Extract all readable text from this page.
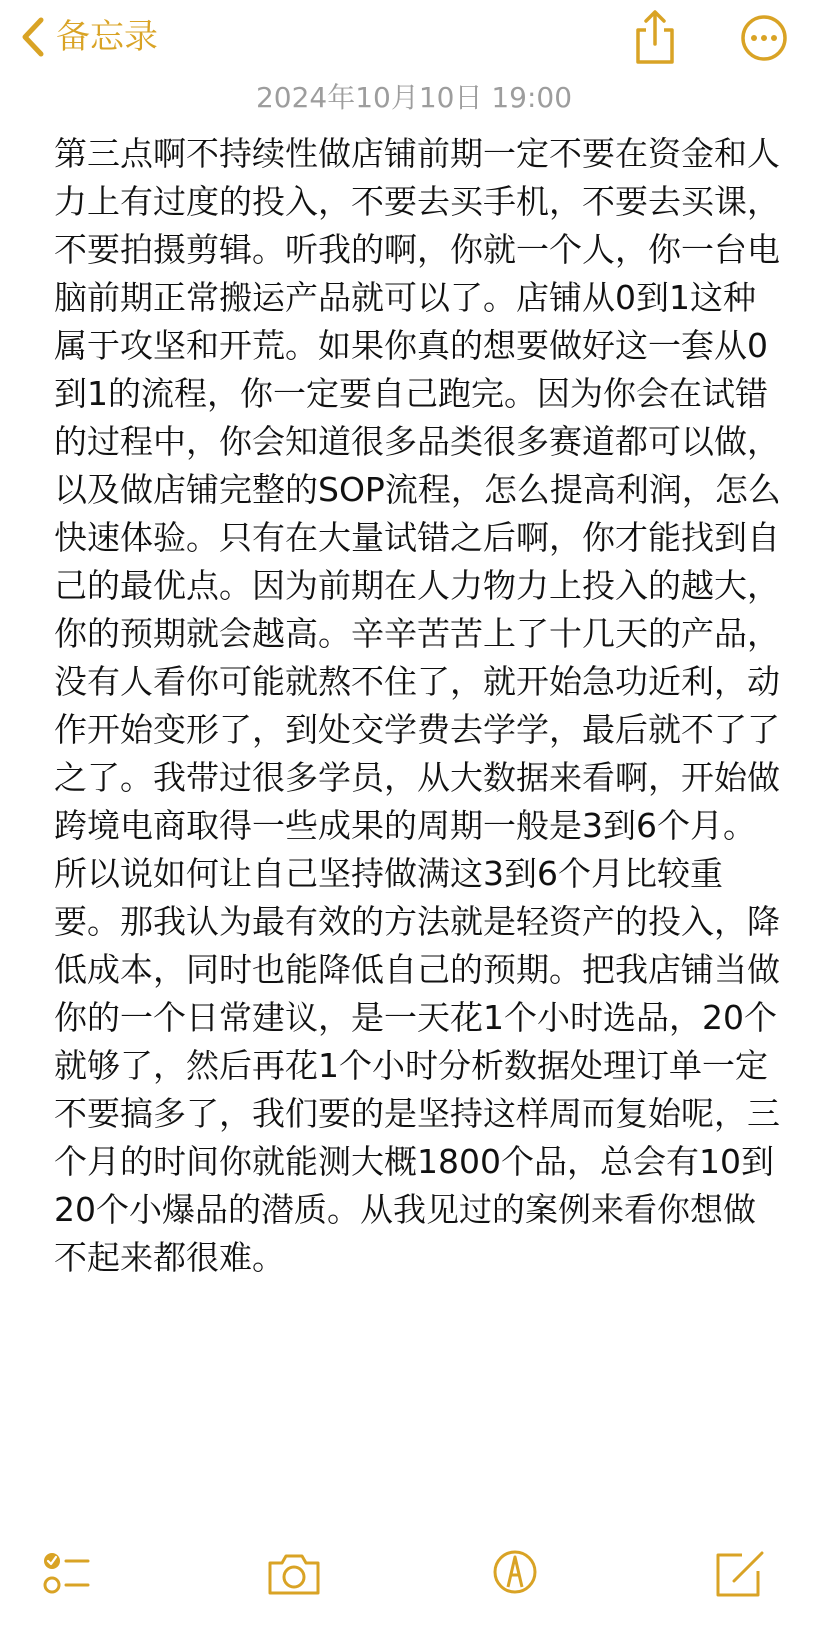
备忘录
2024年10月10日 19:00
第三点啊不持续性做店铺前期一定不要在资金和人力上有过度的投入，不要去买手机，不要去买课，不要拍摄剪辑。听我的啊，你就一个人，你一台电脑前期正常搬运产品就可以了。店铺从0到1这种属于攻坚和开荒。如果你真的想要做好这一套从0到1的流程，你一定要自己跑完。因为你会在试错的过程中，你会知道很多品类很多赛道都可以做，以及做店铺完整的SOP流程，怎么提高利润，怎么快速体验。只有在大量试错之后啊，你才能找到自己的最优点。因为前期在人力物力上投入的越大，你的预期就会越高。辛辛苦苦上了十几天的产品，没有人看你可能就熬不住了，就开始急功近利，动作开始变形了，到处交学费去学学，最后就不了了之了。我带过很多学员，从大数据来看啊，开始做跨境电商取得一些成果的周期一般是3到6个月。所以说如何让自己坚持做满这3到6个月比较重要。那我认为最有效的方法就是轻资产的投入，降低成本，同时也能降低自己的预期。把我店铺当做你的一个日常建议，是一天花1个小时选品，20个就够了，然后再花1个小时分析数据处理订单一定不要搞多了，我们要的是坚持这样周而复始呢，三个月的时间你就能测大概1800个品，总会有10到20个小爆品的潜质。从我见过的案例来看你想做不起来都很难。
